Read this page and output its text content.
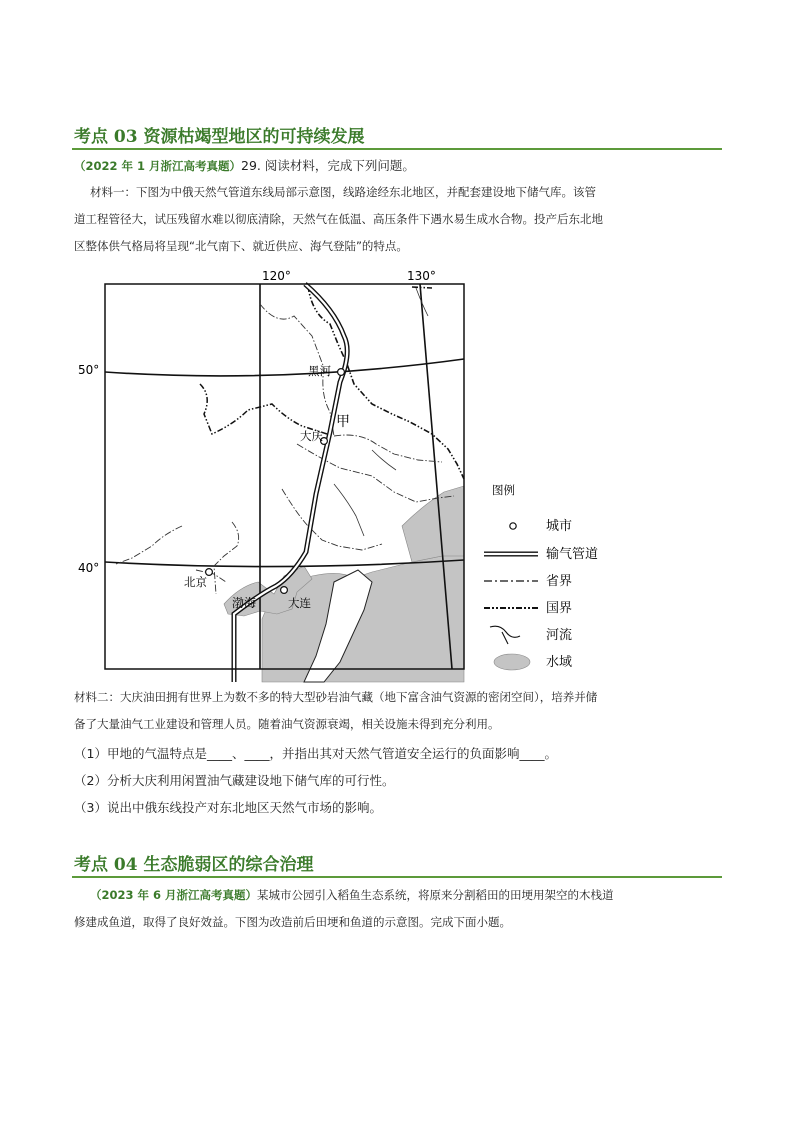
考点 03 资源枯竭型地区的可持续发展
（2022 年 1 月浙江高考真题）29. 阅读材料，完成下列问题。
材料一：下图为中俄天然气管道东线局部示意图，线路途经东北地区，并配套建设地下储气库。该管
道工程管径大，试压残留水难以彻底清除，天然气在低温、高压条件下遇水易生成水合物。投产后东北地
区整体供气格局将呈现“北气南下、就近供应、海气登陆”的特点。
120°	130°
50°
40°
黑河
大庆
甲
北京
渤海	大连
图例
城市
输气管道
省界
国界
河流
水域
材料二：大庆油田拥有世界上为数不多的特大型砂岩油气藏（地下富含油气资源的密闭空间），培养并储
备了大量油气工业建设和管理人员。随着油气资源衰竭，相关设施未得到充分利用。
（1）甲地的气温特点是____、____，并指出其对天然气管道安全运行的负面影响____。
（2）分析大庆利用闲置油气藏建设地下储气库的可行性。
（3）说出中俄东线投产对东北地区天然气市场的影响。
考点 04 生态脆弱区的综合治理
（2023 年 6 月浙江高考真题）某城市公园引入稻鱼生态系统，将原来分割稻田的田埂用架空的木栈道
修建成鱼道，取得了良好效益。下图为改造前后田埂和鱼道的示意图。完成下面小题。
